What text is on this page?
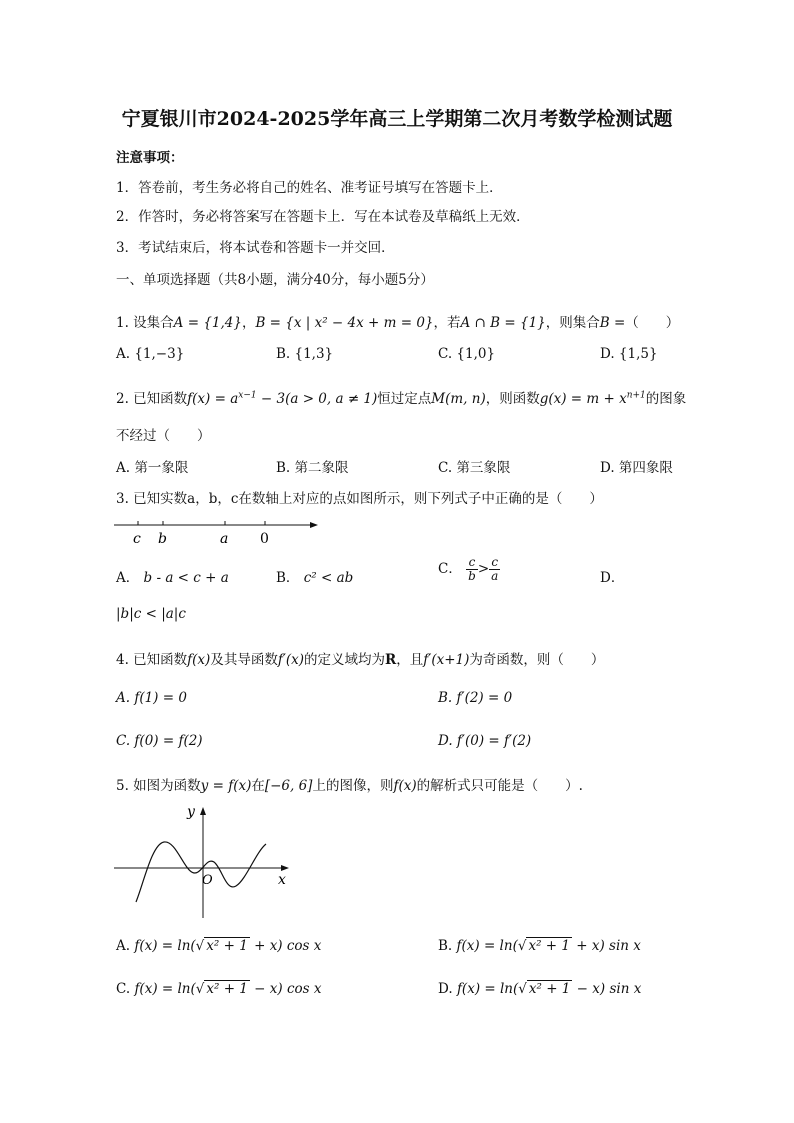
宁夏银川市2024-2025学年高三上学期第二次月考数学检测试题
注意事项：
1．答卷前，考生务必将自己的姓名、准考证号填写在答题卡上．
2．作答时，务必将答案写在答题卡上．写在本试卷及草稿纸上无效．
3．考试结束后，将本试卷和答题卡一并交回．
一、单项选择题（共8小题，满分40分，每小题5分）
1. 设集合A = {1,4}，B = {x | x² − 4x + m = 0}，若A ∩ B = {1}，则集合B =（　　）
A. {1,−3}	B. {1,3}	C. {1,0}	D. {1,5}
2. 已知函数$f(x) = a^{x-1} - 3(a > 0$, a ≠ 1)恒过定点M(m, n)，则函数$g(x) = m + x^{n+1}$的图象
不经过（　　）
A. 第一象限	B. 第二象限	C. 第三象限	D. 第四象限
3. 已知实数a，b，c在数轴上对应的点如图所示，则下列式子中正确的是（　　）
c b	a 0
A． b - a < c + a	B． c² < ab
C． $\frac{c}{b} > \frac{c}{a}$	D．
|b|c < |a|c
4. 已知函数f(x)及其导函数f′(x)的定义域均为R，且f′(x+1)为奇函数，则（　　）
A. f(1) = 0	B. f′(2) = 0
C. f(0) = f(2)	D. f′(0) = f′(2)
5. 如图为函数y = f(x)在[−6, 6]上的图像，则f(x)的解析式只可能是（　　）.
y
x
O
A. f(x) = ln(√ x² + 1 + x) cos x	B. f(x) = ln(√ x² + 1 + x) sin x
C. f(x) = ln(√ x² + 1 − x) cos x	D. f(x) = ln(√ x² + 1 − x) sin x
